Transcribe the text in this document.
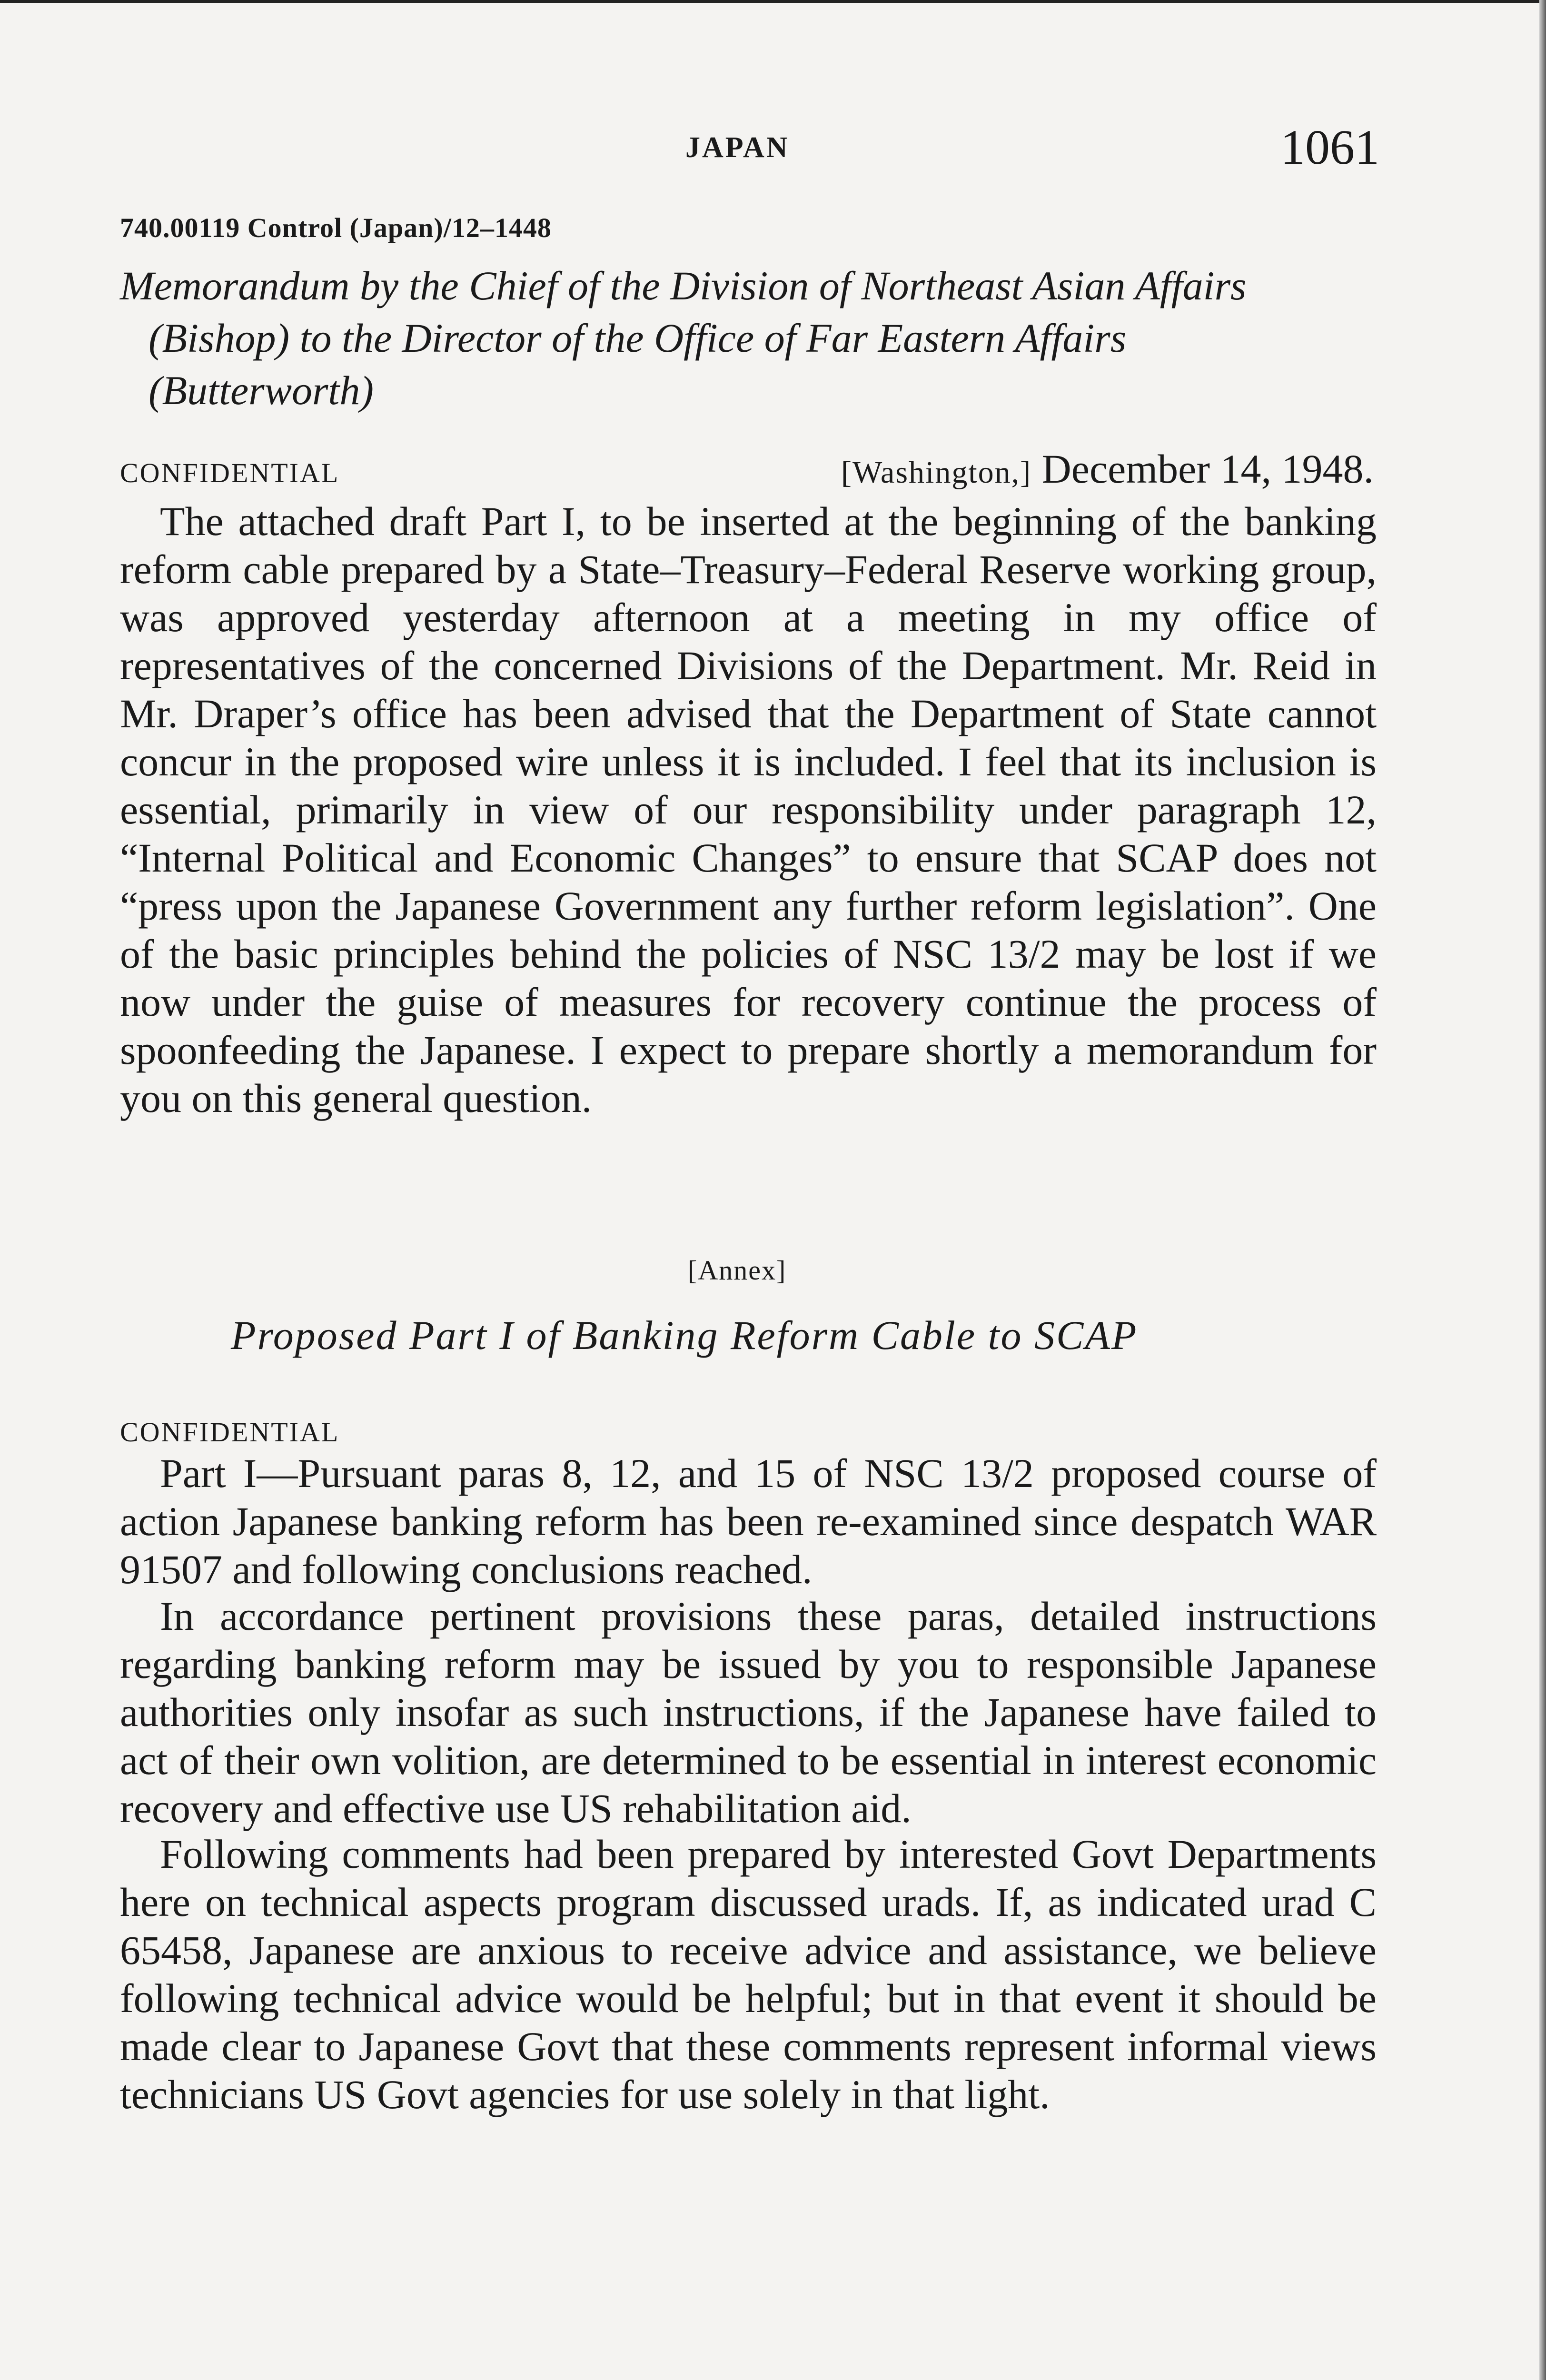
JAPAN	1061
740.00119 Control (Japan)/12–1448
Memorandum by the Chief of the Division of Northeast Asian Affairs
(Bishop) to the Director of the Office of Far Eastern Affairs
(Butterworth)
CONFIDENTIAL	[Washington,] December 14, 1948.

The attached draft Part I, to be inserted at the beginning of the banking reform cable prepared by a State–Treasury–Federal Reserve working group, was approved yesterday afternoon at a meeting in my office of representatives of the concerned Divisions of the Department. Mr. Reid in Mr. Draper’s office has been advised that the Department of State cannot concur in the proposed wire unless it is included. I feel that its inclusion is essential, primarily in view of our responsibility under paragraph 12, “Internal Political and Economic Changes” to ensure that SCAP does not “press upon the Japanese Government any further reform legislation”. One of the basic principles behind the policies of NSC 13/2 may be lost if we now under the guise of measures for recovery continue the process of spoonfeeding the Japanese. I expect to prepare shortly a memorandum for you on this general question.

[Annex]
Proposed Part I of Banking Reform Cable to SCAP
CONFIDENTIAL

Part I—Pursuant paras 8, 12, and 15 of NSC 13/2 proposed course of action Japanese banking reform has been re-examined since despatch WAR 91507 and following conclusions reached.

In accordance pertinent provisions these paras, detailed instructions regarding banking reform may be issued by you to responsible Japanese authorities only insofar as such instructions, if the Japanese have failed to act of their own volition, are determined to be essential in interest economic recovery and effective use US rehabilitation aid.

Following comments had been prepared by interested Govt Departments here on technical aspects program discussed urads. If, as indicated urad C 65458, Japanese are anxious to receive advice and assistance, we believe following technical advice would be helpful; but in that event it should be made clear to Japanese Govt that these comments represent informal views technicians US Govt agencies for use solely in that light.
